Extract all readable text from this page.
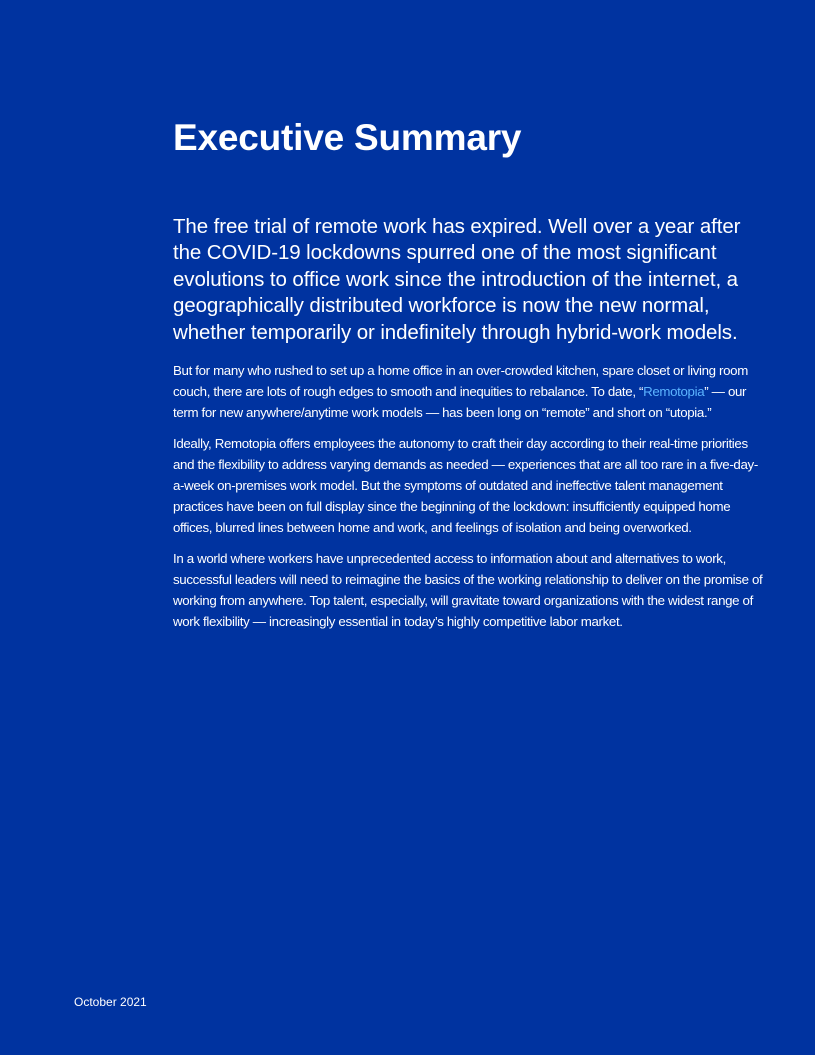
Executive Summary

The free trial of remote work has expired. Well over a year after the COVID-19 lockdowns spurred one of the most significant evolutions to office work since the introduction of the internet, a geographically distributed workforce is now the new normal, whether temporarily or indefinitely through hybrid-work models.

But for many who rushed to set up a home office in an over-crowded kitchen, spare closet or living room couch, there are lots of rough edges to smooth and inequities to rebalance. To date, “Remotopia” — our term for new anywhere/anytime work models — has been long on “remote” and short on “utopia.”

Ideally, Remotopia offers employees the autonomy to craft their day according to their real-time priorities and the flexibility to address varying demands as needed — experiences that are all too rare in a five-day-a-week on-premises work model. But the symptoms of outdated and ineffective talent management practices have been on full display since the beginning of the lockdown: insufficiently equipped home offices, blurred lines between home and work, and feelings of isolation and being overworked.

In a world where workers have unprecedented access to information about and alternatives to work, successful leaders will need to reimagine the basics of the working relationship to deliver on the promise of working from anywhere. Top talent, especially, will gravitate toward organizations with the widest range of work flexibility — increasingly essential in today’s highly competitive labor market.

October 2021
